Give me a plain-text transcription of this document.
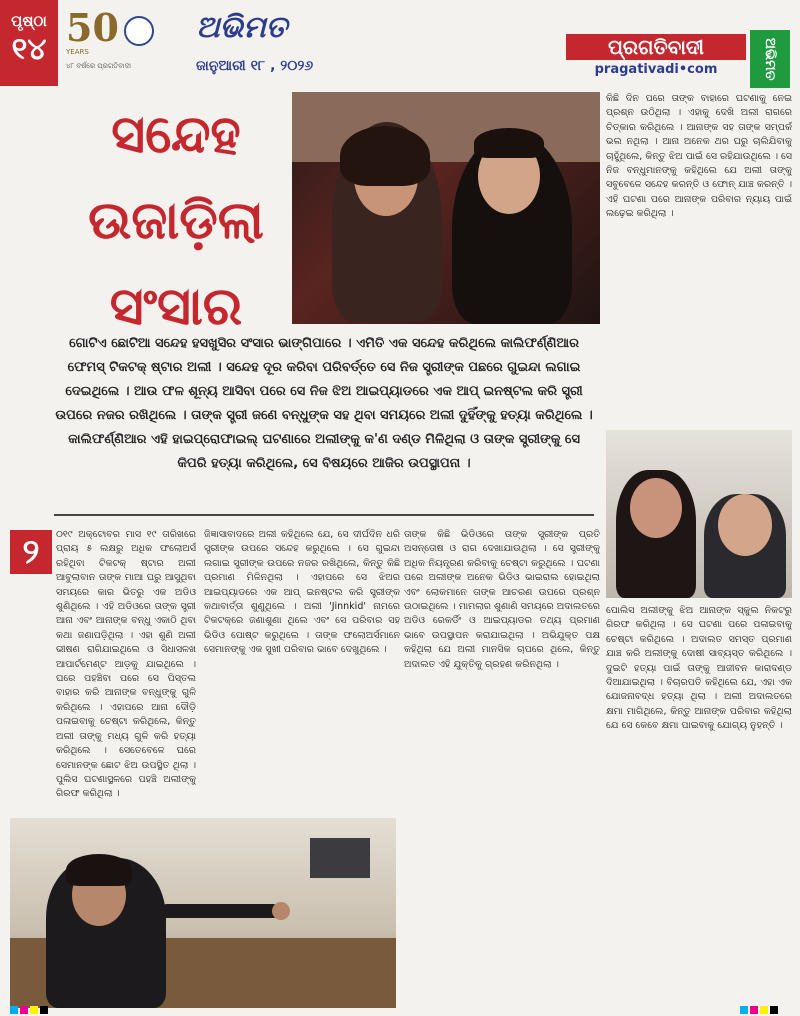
ପୃଷ୍ଠା
୧୪ 50
YEARS
୪୮ ବର୍ଷରେ ପ୍ରଗତିବାଦୀ
ଅଭିମତ
ଜାନୁଆରୀ ୧୮ , ୨୦୨୬
ପ୍ରଗତିବାଦୀ
pragativadi•com	ଅଭିମତ
ସନ୍ଦେହ
ଉଜାଡ଼ିଲା
ସଂସାର
ଗୋଟିଏ ଛୋଟିଆ ସନ୍ଦେହ ହସଖୁସିର ସଂସାର ଭାଙ୍ଗିପାରେ । ଏମିତି ଏକ ସନ୍ଦେହ କରିଥିଲେ କାଲିଫର୍ଣ୍ଣିଆର ଫେମସ୍ ଟିକଟକ୍ ଷ୍ଟାର ଅଲୀ । ସନ୍ଦେହ ଦୂର କରିବା ପରିବର୍ତ୍ତେ ସେ ନିଜ ସ୍ତ୍ରୀଙ୍କ ପଛରେ ଗୁଇନ୍ଦା ଲଗାଇ ଦେଇଥିଲେ । ଆଉ ଫଳ ଶୂନ୍ୟ ଆସିବା ପରେ ସେ ନିଜ ଝିଅ ଆଇପ୍ୟାଡରେ ଏକ ଆପ୍ ଇନଷ୍ଟଲ କରି ସ୍ତ୍ରୀ ଉପରେ ନଜର ରଖିଥିଲେ । ତାଙ୍କ ସ୍ତ୍ରୀ ଜଣେ ବନ୍ଧୁଙ୍କ ସହ ଥିବା ସମୟରେ ଅଲୀ ଦୁହିଁଙ୍କୁ ହତ୍ୟା କରିଥିଲେ । କାଲିଫର୍ଣ୍ଣିଆର ଏହି ହାଇପ୍ରୋଫାଇଲ୍ ଘଟଣାରେ ଅଲୀଙ୍କୁ କ'ଣ ଦଣ୍ଡ ମିଳିଥିଲା ଓ ତାଙ୍କ ସ୍ତ୍ରୀଙ୍କୁ ସେ କିପରି ହତ୍ୟା କରିଥିଲେ, ସେ ବିଷୟରେ ଆଜିର ଉପସ୍ଥାପନା ।
୨	୦୧୯ ଅକ୍ଟୋବର ମାସ ୧୯ ତାରିଖରେ ପ୍ରାୟ ୫ ଲକ୍ଷରୁ ଅଧିକ ଫଲୋଅର୍ସ ରହିଥିବା ଟିକଟକ୍ ଷ୍ଟାର ଅଲୀ ଆବୁଲାବାନ ତାଙ୍କ ମାଆ ଘରୁ ଆସୁଥିବା ସମୟରେ କାର ଭିତରୁ ଏକ ଅଡିଓ ଶୁଣିଥିଲେ । ଏହି ଅଡିଓରେ ତାଙ୍କ ସ୍ତ୍ରୀ ଆନା ଏବଂ ଆନାଙ୍କ ବନ୍ଧୁ ଏକାଠି ଥିବା କଥା ଜଣାପଡ଼ିଥିଲା । ଏହା ଶୁଣି ଅଲୀ ଭୀଷଣ ରାଗିଯାଇଥିଲେ ଓ ସିଧାସଳଖ ଆପାର୍ଟମେଣ୍ଟ ଆଡ଼କୁ ଯାଇଥିଲେ । ଘରେ ପହଞ୍ଚିବା ପରେ ସେ ପିସ୍ତଲ ବାହାର କରି ଆନାଙ୍କ ବନ୍ଧୁଙ୍କୁ ଗୁଳି କରିଥିଲେ । ଏହାପରେ ଆନା ଦୌଡ଼ି ପଳାଇବାକୁ ଚେଷ୍ଟା କରିଥିଲେ, କିନ୍ତୁ ଅଲୀ ତାଙ୍କୁ ମଧ୍ୟ ଗୁଳି କରି ହତ୍ୟା କରିଥିଲେ । ସେତେବେଳେ ଘରେ ସେମାନଙ୍କ ଛୋଟ ଝିଅ ଉପସ୍ଥିତ ଥିଲା । ପୁଲିସ ଘଟଣାସ୍ଥଳରେ ପହଞ୍ଚି ଅଲୀଙ୍କୁ ଗିରଫ କରିଥିଲା ।
ଜିଜ୍ଞାସାବାଦରେ ଅଲୀ କହିଥିଲେ ଯେ, ସେ ଦୀର୍ଘଦିନ ଧରି ସ୍ତ୍ରୀଙ୍କ ଉପରେ ସନ୍ଦେହ କରୁଥିଲେ । ସେ ଗୁଇନ୍ଦା ଲଗାଇ ସ୍ତ୍ରୀଙ୍କ ଉପରେ ନଜର ରଖିଥିଲେ, କିନ୍ତୁ କିଛି ପ୍ରମାଣ ମିଳିନଥିଲା । ଏହାପରେ ସେ ଝିଅର ଆଇପ୍ୟାଡରେ ଏକ ଆପ୍ ଇନଷ୍ଟଲ କରି ସ୍ତ୍ରୀଙ୍କ କଥାବାର୍ତ୍ତା ଶୁଣୁଥିଲେ । ଅଲୀ 'Jinnkid' ନାମରେ ଟିକଟକ୍ରେ ଜଣାଶୁଣା ଥିଲେ ଏବଂ ସେ ପରିବାର ସହ ଭିଡିଓ ପୋଷ୍ଟ କରୁଥିଲେ । ତାଙ୍କ ଫଲୋଅର୍ସମାନେ ସେମାନଙ୍କୁ ଏକ ସୁଖୀ ପରିବାର ଭାବେ ଦେଖୁଥିଲେ ।
ତାଙ୍କ କିଛି ଭିଡିଓରେ ତାଙ୍କ ସ୍ତ୍ରୀଙ୍କ ପ୍ରତି ଅସନ୍ତୋଷ ଓ ରାଗ ଦେଖାଯାଉଥିଲା । ସେ ସ୍ତ୍ରୀଙ୍କୁ ଅଧିକ ନିୟନ୍ତ୍ରଣ କରିବାକୁ ଚେଷ୍ଟା କରୁଥିଲେ । ଘଟଣା ପରେ ଅଲୀଙ୍କ ଅନେକ ଭିଡିଓ ଭାଇରାଲ ହୋଇଥିଲା ଏବଂ ଲୋକମାନେ ତାଙ୍କ ଆଚରଣ ଉପରେ ପ୍ରଶ୍ନ ଉଠାଇଥିଲେ । ମାମଲାର ଶୁଣାଣି ସମୟରେ ଅଦାଲତରେ ଅଡିଓ ରେକର୍ଡିଂ ଓ ଆଇପ୍ୟାଡର ତଥ୍ୟ ପ୍ରମାଣ ଭାବେ ଉପସ୍ଥାପନ କରାଯାଇଥିଲା । ଅଭିଯୁକ୍ତ ପକ୍ଷ କହିଥିଲା ଯେ ଅଲୀ ମାନସିକ ଚାପରେ ଥିଲେ, କିନ୍ତୁ ଅଦାଲତ ଏହି ଯୁକ୍ତିକୁ ଗ୍ରହଣ କରିନଥିଲା ।
କିଛି ଦିନ ପରେ ତାଙ୍କ ବାହାରେ ଘଟଣାକୁ ନେଇ ପ୍ରଶ୍ନ ଉଠିଥିଲା । ଏହାକୁ ଦେଖି ଅଲୀ ରାଗରେ ଚିତ୍କାର କରିଥିଲେ । ଆନାଙ୍କ ସହ ତାଙ୍କ ସମ୍ପର୍କ ଭଲ ନଥିଲା । ଆନା ଅନେକ ଥର ଘରୁ ଚାଲିଯିବାକୁ ଚାହୁଁଥିଲେ, କିନ୍ତୁ ଝିଅ ପାଇଁ ସେ ରହିଯାଉଥିଲେ । ସେ ନିଜ ବନ୍ଧୁମାନଙ୍କୁ କହିଥିଲେ ଯେ ଅଲୀ ତାଙ୍କୁ ସବୁବେଳେ ସନ୍ଦେହ କରନ୍ତି ଓ ଫୋନ୍ ଯାଞ୍ଚ କରନ୍ତି । ଏହି ଘଟଣା ପରେ ଆନାଙ୍କ ପରିବାର ନ୍ୟାୟ ପାଇଁ ଲଢ଼େଇ କରିଥିଲା ।
ପୋଲିସ ଅଲୀଙ୍କୁ ଝିଅ ଆନାଙ୍କ ସ୍କୁଲ ନିକଟରୁ ଗିରଫ କରିଥିଲା । ସେ ଘଟଣା ପରେ ପଳାଇବାକୁ ଚେଷ୍ଟା କରିଥିଲେ । ଅଦାଲତ ସମସ୍ତ ପ୍ରମାଣ ଯାଞ୍ଚ କରି ଅଲୀଙ୍କୁ ଦୋଷୀ ସାବ୍ୟସ୍ତ କରିଥିଲେ । ଦୁଇଟି ହତ୍ୟା ପାଇଁ ତାଙ୍କୁ ଆଜୀବନ କାରାଦଣ୍ଡ ଦିଆଯାଇଥିଲା । ବିଚାରପତି କହିଥିଲେ ଯେ, ଏହା ଏକ ଯୋଜନାବଦ୍ଧ ହତ୍ୟା ଥିଲା । ଅଲୀ ଅଦାଲତରେ କ୍ଷମା ମାଗିଥିଲେ, କିନ୍ତୁ ଆନାଙ୍କ ପରିବାର କହିଥିଲା ଯେ ସେ କେବେ କ୍ଷମା ପାଇବାକୁ ଯୋଗ୍ୟ ନୁହନ୍ତି ।
